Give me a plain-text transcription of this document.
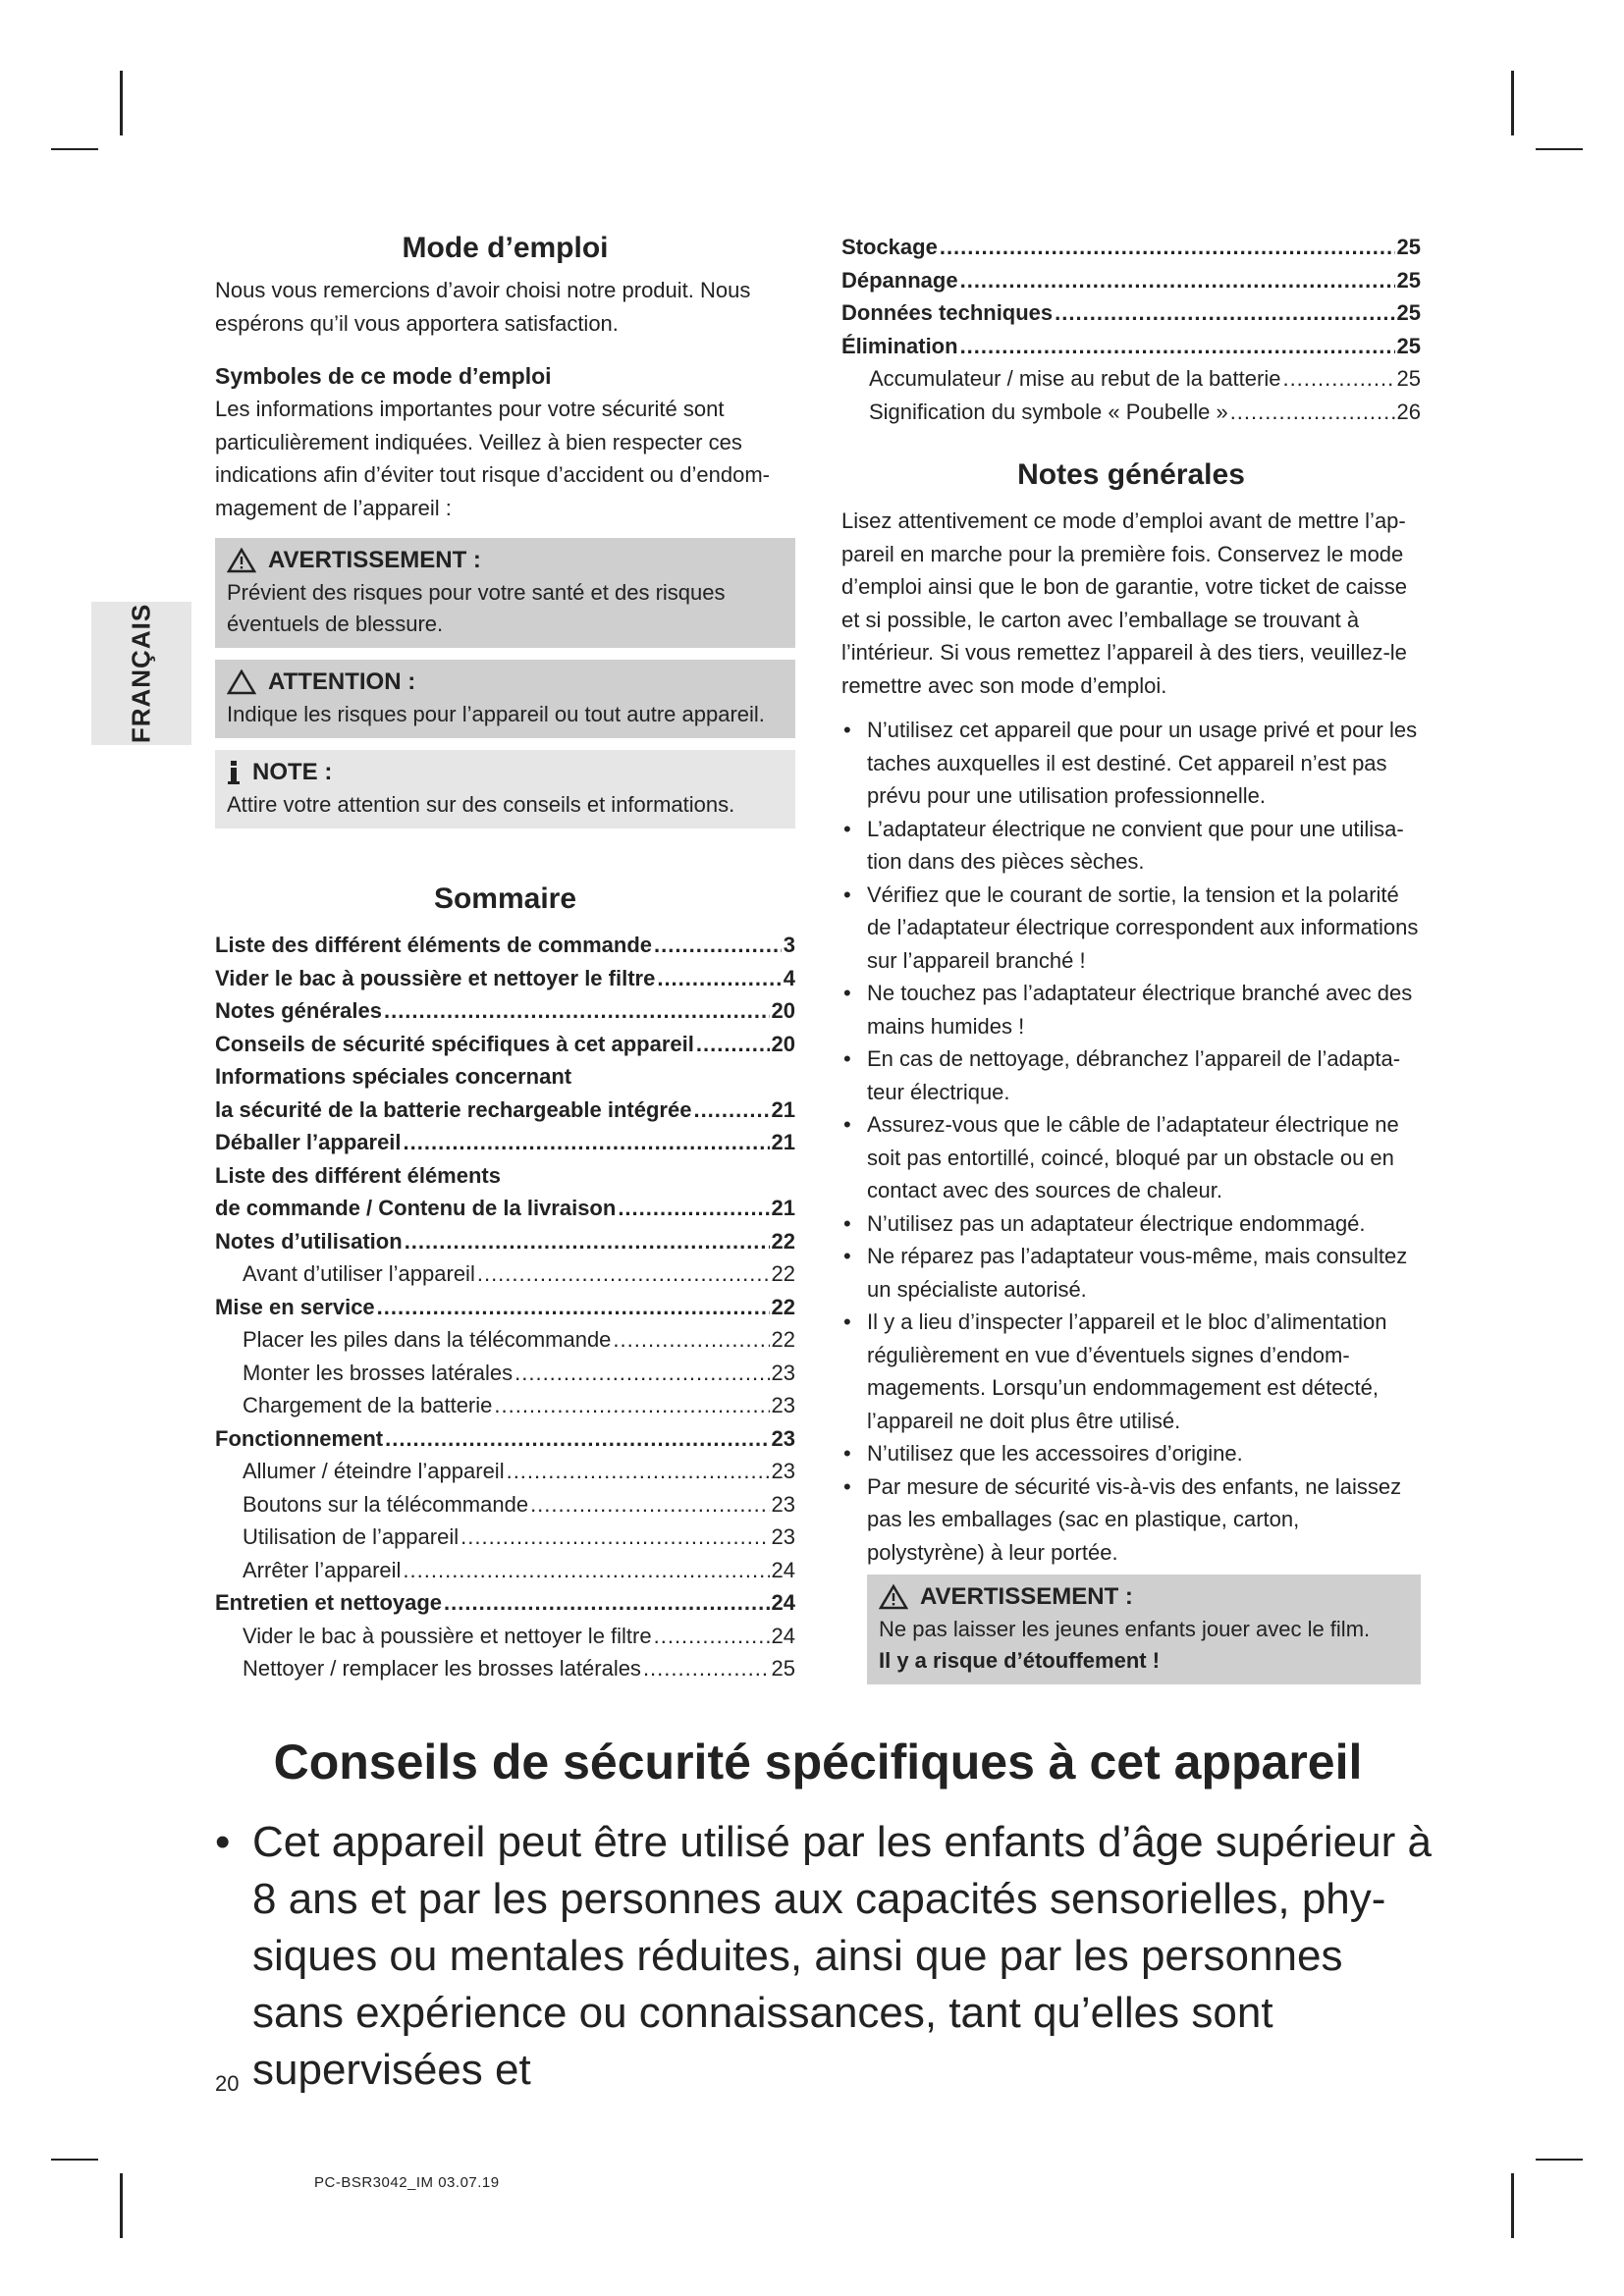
FRANÇAIS
Mode d’emploi

Nous vous remercions d’avoir choisi notre produit. Nous espérons qu’il vous apportera satisfaction.

Symboles de ce mode d’emploi

Les informations importantes pour votre sécurité sont particulièrement indiquées. Veillez à bien respecter ces indications afin d’éviter tout risque d’accident ou d’endommagement de l’appareil :

AVERTISSEMENT :
Prévient des risques pour votre santé et des risques éventuels de blessure.
ATTENTION :
Indique les risques pour l’appareil ou tout autre appareil.
NOTE :
Attire votre attention sur des conseils et informations.
Sommaire
Liste des différent éléments de commande .....	3
Vider le bac à poussière et nettoyer le filtre .....	4
Notes générales .....	20
Conseils de sécurité spécifiques à cet appareil .....	20
Informations spéciales concernant
la sécurité de la batterie rechargeable intégrée .....	21
Déballer l’appareil .....	21
Liste des différent éléments
de commande / Contenu de la livraison .....	21
Notes d’utilisation .....	22
Avant d’utiliser l’appareil .....	22
Mise en service .....	22
Placer les piles dans la télécommande .....	22
Monter les brosses latérales .....	23
Chargement de la batterie .....	23
Fonctionnement .....	23
Allumer / éteindre l’appareil .....	23
Boutons sur la télécommande .....	23
Utilisation de l’appareil .....	23
Arrêter l’appareil .....	24
Entretien et nettoyage .....	24
Vider le bac à poussière et nettoyer le filtre .....	24
Nettoyer / remplacer les brosses latérales .....	25
Stockage .....	25
Dépannage .....	25
Données techniques .....	25
Élimination .....	25
Accumulateur / mise au rebut de la batterie .....	25
Signification du symbole « Poubelle » .....	26
Notes générales

Lisez attentivement ce mode d’emploi avant de mettre l’appareil en marche pour la première fois. Conservez le mode d’emploi ainsi que le bon de garantie, votre ticket de caisse et si possible, le carton avec l’emballage se trouvant à l’intérieur. Si vous remettez l’appareil à des tiers, veuillez-le remettre avec son mode d’emploi.

• N’utilisez cet appareil que pour un usage privé et pour les taches auxquelles il est destiné. Cet appareil n’est pas prévu pour une utilisation professionnelle.
• L’adaptateur électrique ne convient que pour une utilisation dans des pièces sèches.
• Vérifiez que le courant de sortie, la tension et la polarité de l’adaptateur électrique correspondent aux informations sur l’appareil branché !
• Ne touchez pas l’adaptateur électrique branché avec des mains humides !
• En cas de nettoyage, débranchez l’appareil de l’adaptateur électrique.
• Assurez-vous que le câble de l’adaptateur électrique ne soit pas entortillé, coincé, bloqué par un obstacle ou en contact avec des sources de chaleur.
• N’utilisez pas un adaptateur électrique endommagé.
• Ne réparez pas l’adaptateur vous-même, mais consultez un spécialiste autorisé.
• Il y a lieu d’inspecter l’appareil et le bloc d’alimentation régulièrement en vue d’éventuels signes d’endommagements. Lorsqu’un endommagement est détecté, l’appareil ne doit plus être utilisé.
• N’utilisez que les accessoires d’origine.
• Par mesure de sécurité vis-à-vis des enfants, ne laissez pas les emballages (sac en plastique, carton, polystyrène) à leur portée.
AVERTISSEMENT :
Ne pas laisser les jeunes enfants jouer avec le film.
Il y a risque d’étouffement !
Conseils de sécurité spécifiques à cet appareil
• Cet appareil peut être utilisé par les enfants d’âge supérieur à 8 ans et par les personnes aux capacités sensorielles, physiques ou mentales réduites, ainsi que par les personnes sans expérience ou connaissances, tant qu’elles sont supervisées et
20
PC-BSR3042_IM 03.07.19
